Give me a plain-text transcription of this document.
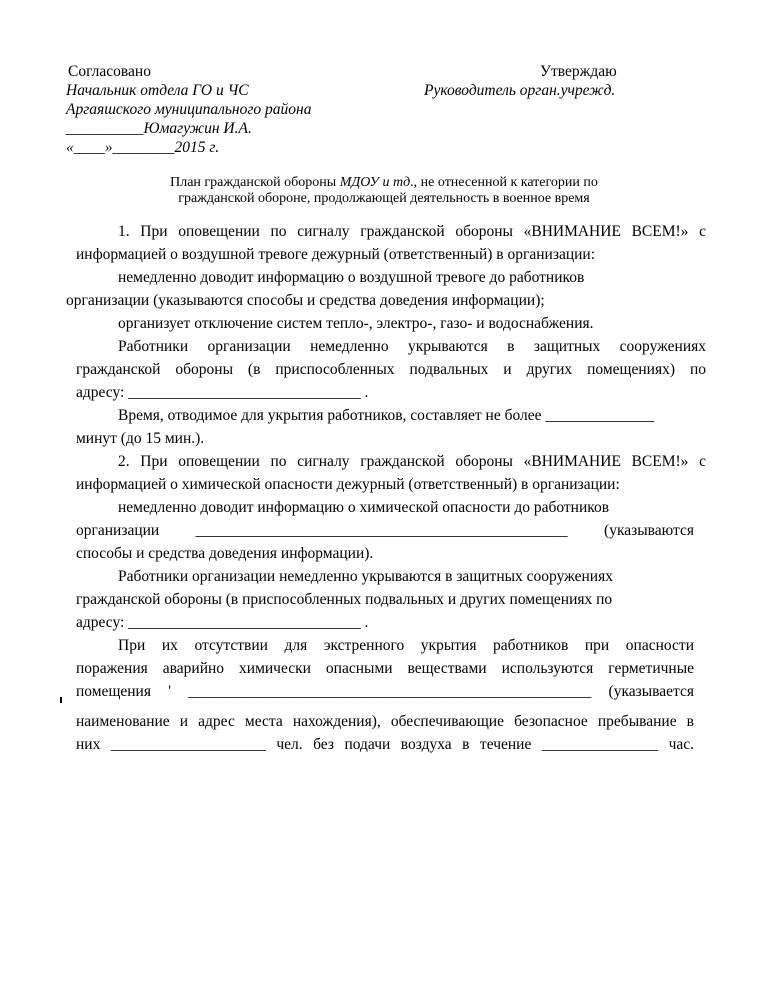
Согласовано
Начальник отдела ГО и ЧС
Аргаяшского муниципального района
__________Юмагужин И.А.
«____»________2015 г.
Утверждаю
Руководитель орган.учрежд.
План гражданской обороны МДОУ и тд., не отнесенной к категории по
гражданской обороне, продолжающей деятельность в военное время
1. При оповещении по сигналу гражданской обороны «ВНИМАНИЕ ВСЕМ!» с
информацией о воздушной тревоге дежурный (ответственный) в организации:
немедленно доводит информацию о воздушной тревоге до работников
организации (указываются способы и средства доведения информации);
организует отключение систем тепло-, электро-, газо- и водоснабжения.
Работники организации немедленно укрываются в защитных сооружениях
гражданской обороны (в приспособленных подвальных и других помещениях) по
адресу: ______________________________ .
Время, отводимое для укрытия работников, составляет не более ______________
минут (до 15 мин.).
2. При оповещении по сигналу гражданской обороны «ВНИМАНИЕ ВСЕМ!» с
информацией о химической опасности дежурный (ответственный) в организации:
немедленно доводит информацию о химической опасности до работников
организации ________________________________________________ (указываются
способы и средства доведения информации).
Работники организации немедленно укрываются в защитных сооружениях
гражданской обороны (в приспособленных подвальных и других помещениях по
адресу: ______________________________ .
При их отсутствии для экстренного укрытия работников при опасности
поражения аварийно химически опасными веществами используются герметичные
помещения ' ____________________________________________________ (указывается
наименование и адрес места нахождения), обеспечивающие безопасное пребывание в
них ____________________ чел. без подачи воздуха в течение _______________ час.
